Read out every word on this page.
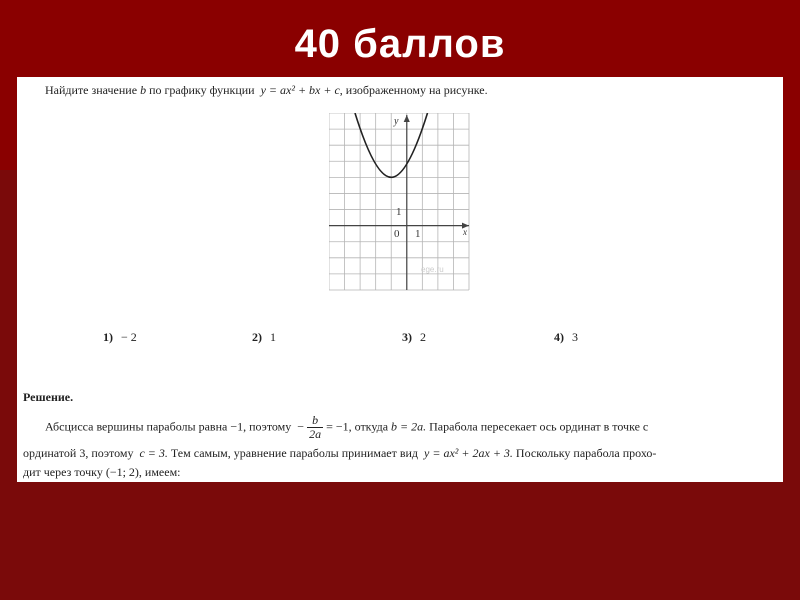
40 баллов
Найдите значение b по графику функции y = ax² + bx + c, изображенному на рисунке.
y
x
0 1
1
ege.ru
1) − 2	2) 1	3) 2	4) 3
Решение.
Абсцисса вершины параболы равна −1, поэтому − $\frac{b}{2a} = -1$, откуда b = 2a. Парабола пересекает ось ординат в точке с
ординатой 3, поэтому c = 3. Тем самым, уравнение параболы принимает вид y = ax² + 2ax + 3. Поскольку парабола прохо-
дит через точку (−1; 2), имеем:
